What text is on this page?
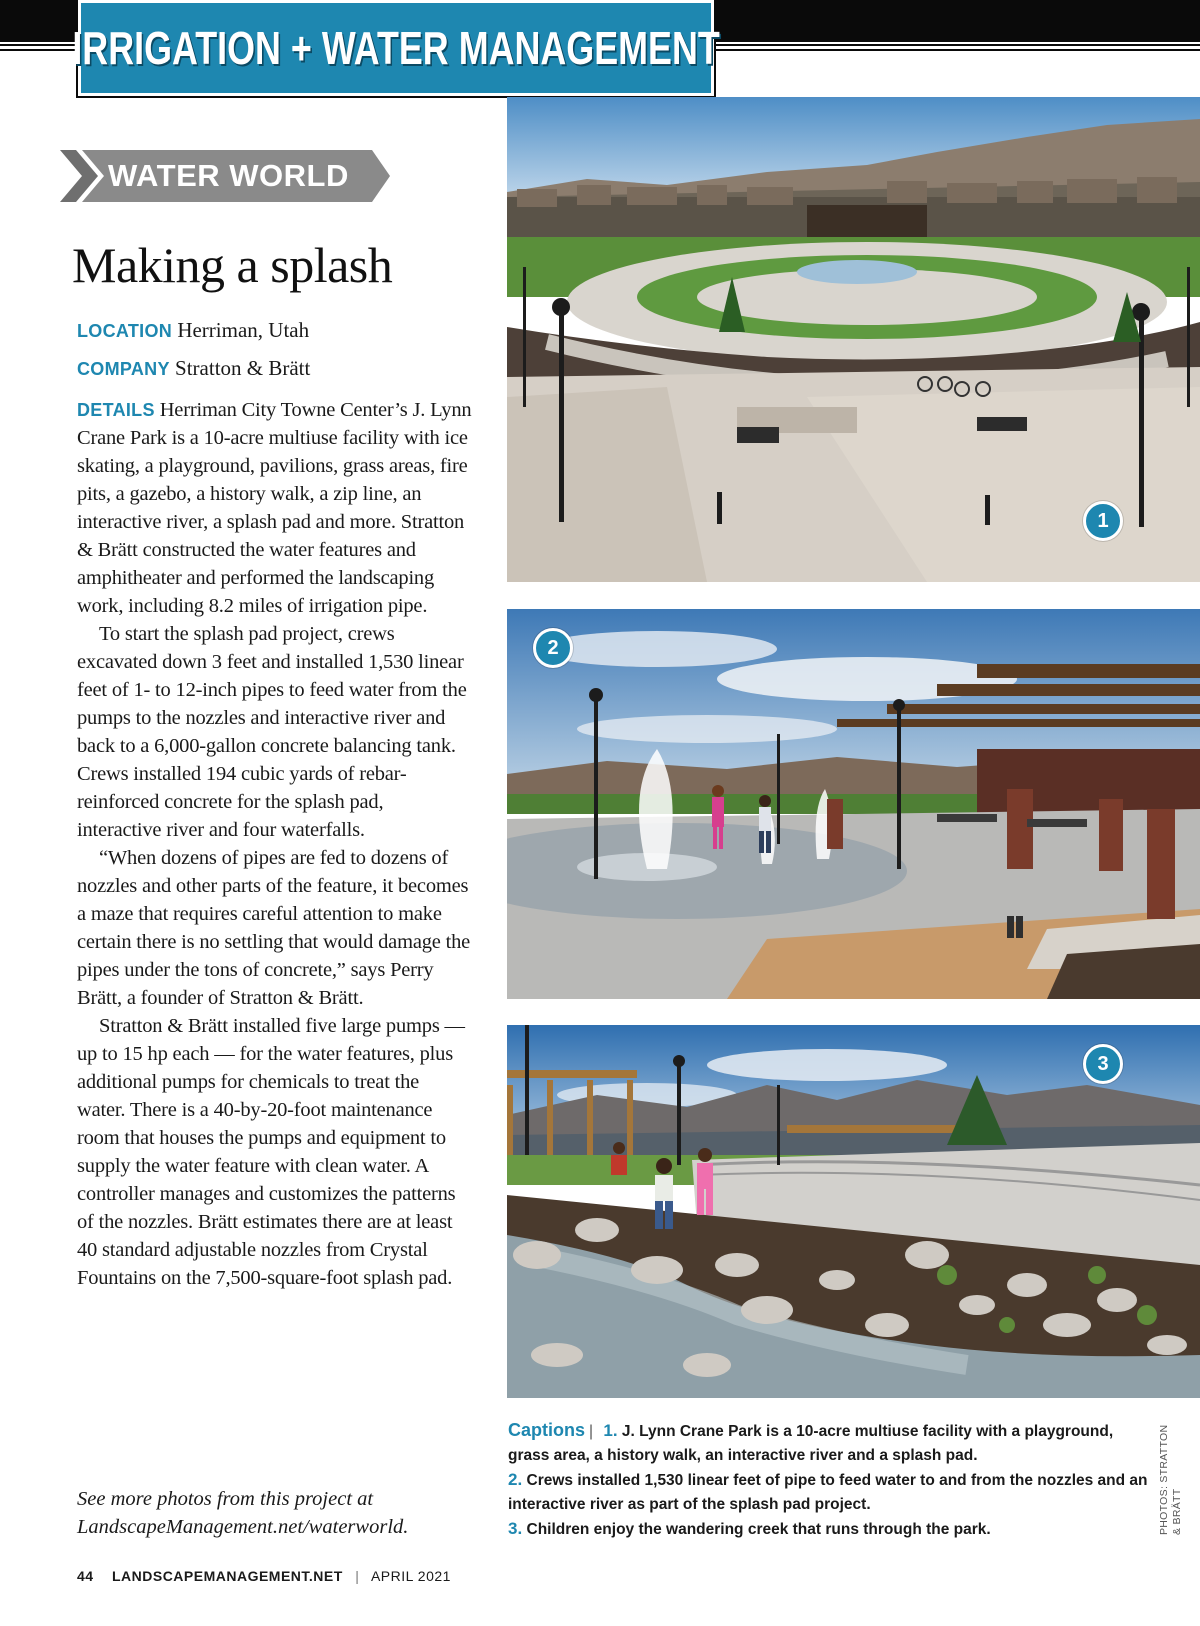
IRRIGATION + WATER MANAGEMENT
WATER WORLD
Making a splash
LOCATION Herriman, Utah
COMPANY Stratton & Brätt

DETAILS Herriman City Towne Center’s J. Lynn Crane Park is a 10-acre multiuse facility with ice skating, a playground, pavilions, grass areas, fire pits, a gazebo, a history walk, a zip line, an interactive river, a splash pad and more. Stratton & Brätt constructed the water features and amphitheater and performed the landscaping work, including 8.2 miles of irrigation pipe.

To start the splash pad project, crews excavated down 3 feet and installed 1,530 linear feet of 1- to 12-inch pipes to feed water from the pumps to the nozzles and interactive river and back to a 6,000-gallon concrete balancing tank. Crews installed 194 cubic yards of rebar-reinforced concrete for the splash pad, interactive river and four waterfalls.

“When dozens of pipes are fed to dozens of nozzles and other parts of the feature, it becomes a maze that requires careful attention to make certain there is no settling that would damage the pipes under the tons of concrete,” says Perry Brätt, a founder of Stratton & Brätt.

Stratton & Brätt installed five large pumps — up to 15 hp each — for the water features, plus additional pumps for chemicals to treat the water. There is a 40-by-20-foot maintenance room that houses the pumps and equipment to supply the water feature with clean water. A controller manages and customizes the patterns of the nozzles. Brätt estimates there are at least 40 standard adjustable nozzles from Crystal Fountains on the 7,500-square-foot splash pad.

See more photos from this project at
LandscapeManagement.net/waterworld.
1
2
3
Captions | 1. J. Lynn Crane Park is a 10-acre multiuse facility with a playground, grass area, a history walk, an interactive river and a splash pad.
2. Crews installed 1,530 linear feet of pipe to feed water to and from the nozzles and an interactive river as part of the splash pad project.
3. Children enjoy the wandering creek that runs through the park.	PHOTOS: STRATTON & BRÄTT
44 LANDSCAPEMANAGEMENT.NET | APRIL 2021
